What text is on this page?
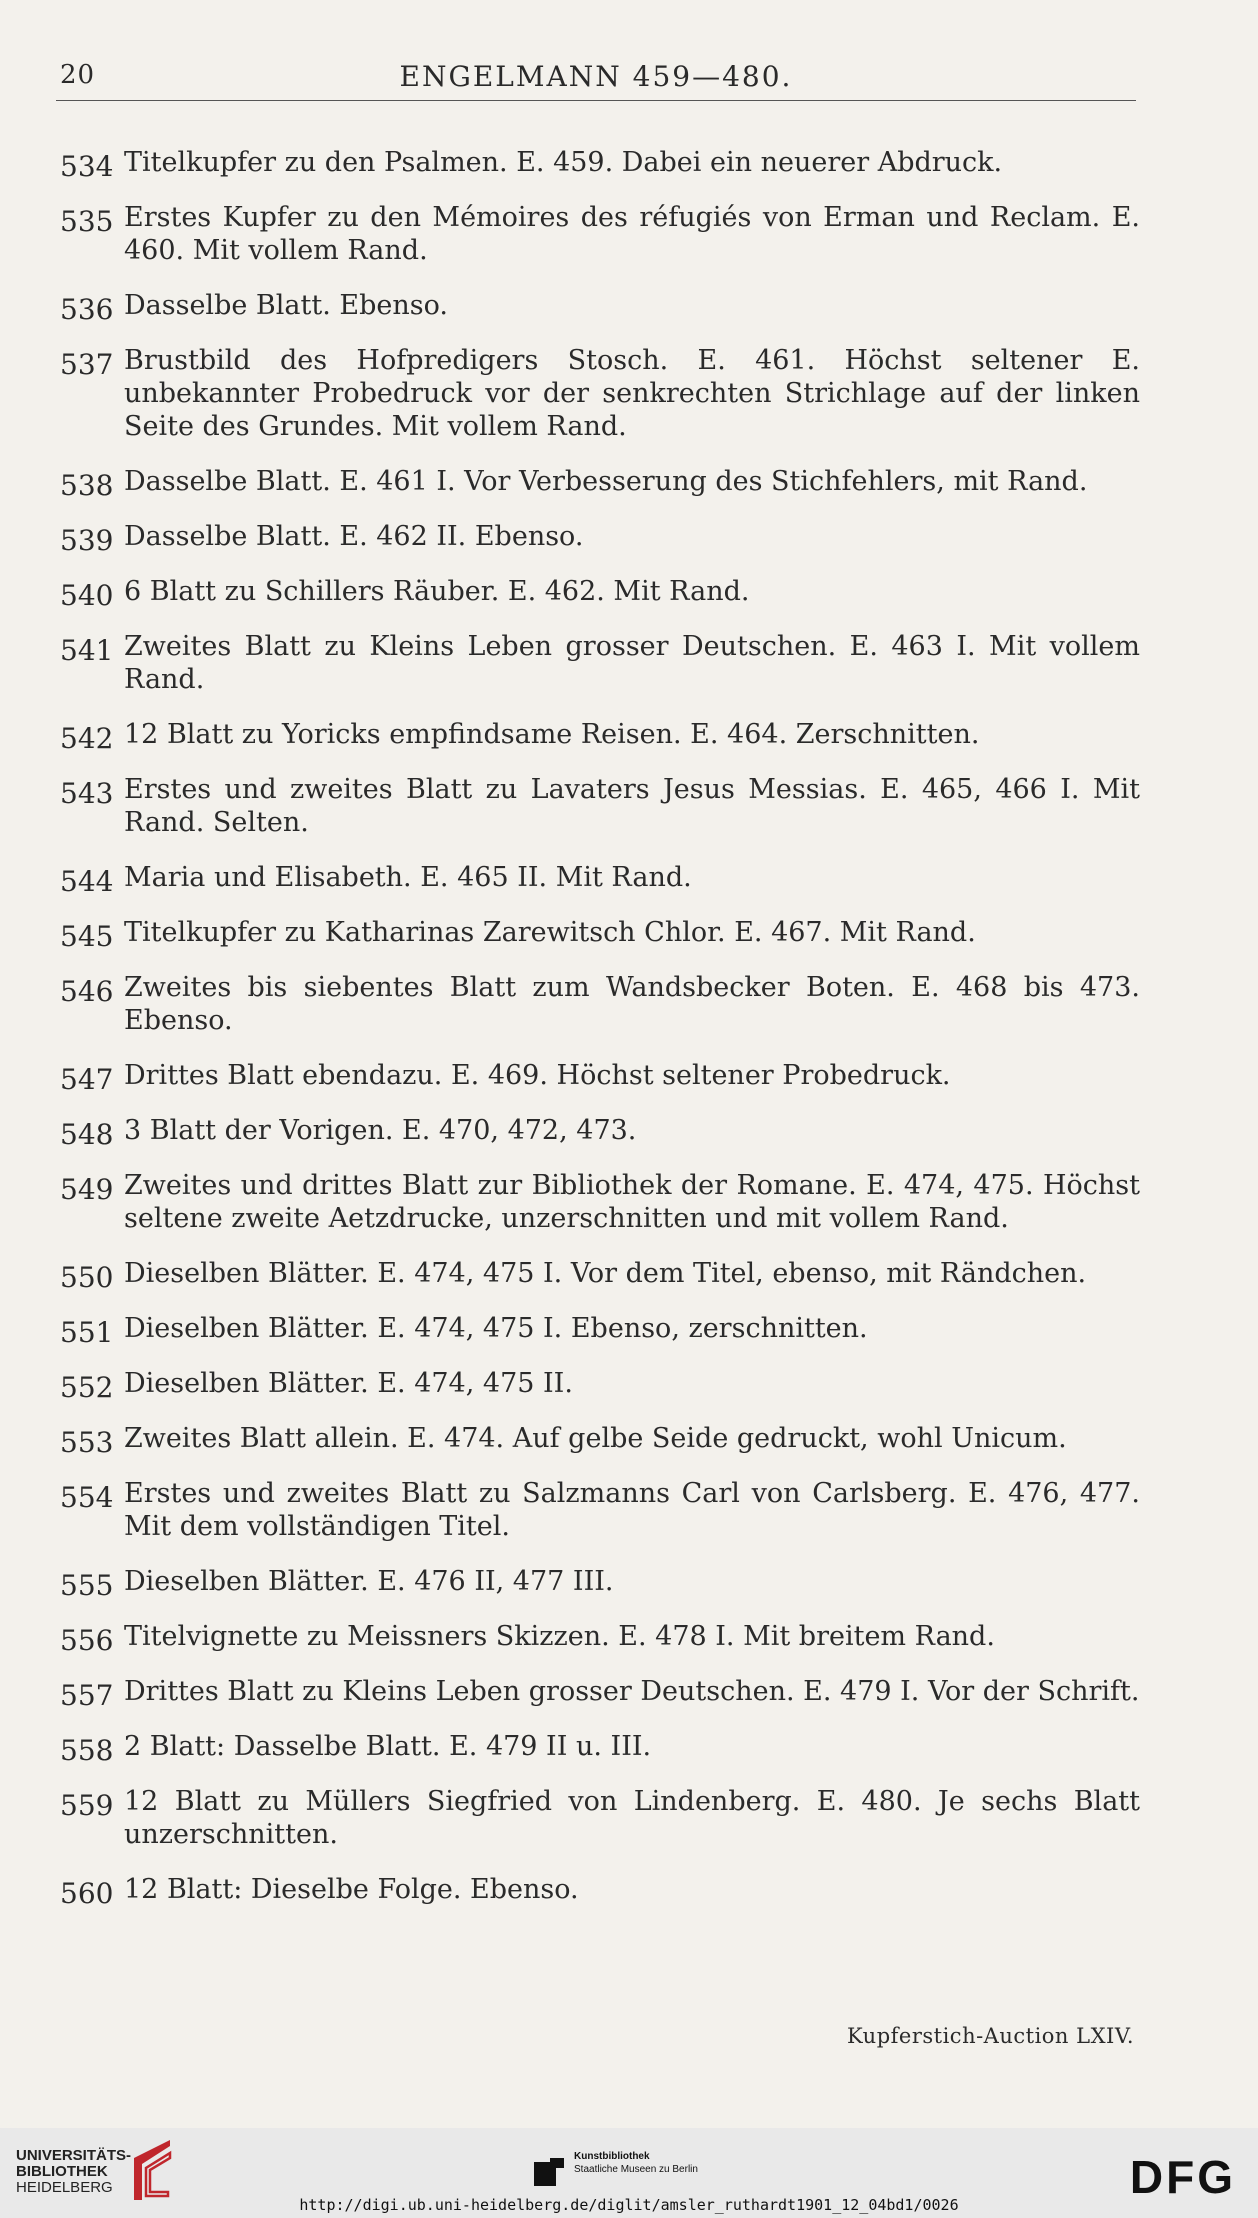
20	ENGELMANN 459—480.
534 Titelkupfer zu den Psalmen. E. 459. Dabei ein neuerer Abdruck.
535 Erstes Kupfer zu den Mémoires des réfugiés von Erman und Reclam. E. 460. Mit vollem Rand.
536 Dasselbe Blatt. Ebenso.
537 Brustbild des Hofpredigers Stosch. E. 461. Höchst seltener E. unbekannter Probedruck vor der senkrechten Strichlage auf der linken Seite des Grundes. Mit vollem Rand.
538 Dasselbe Blatt. E. 461 I. Vor Verbesserung des Stichfehlers, mit Rand.
539 Dasselbe Blatt. E. 462 II. Ebenso.
540 6 Blatt zu Schillers Räuber. E. 462. Mit Rand.
541 Zweites Blatt zu Kleins Leben grosser Deutschen. E. 463 I. Mit vollem Rand.
542 12 Blatt zu Yoricks empfindsame Reisen. E. 464. Zerschnitten.
543 Erstes und zweites Blatt zu Lavaters Jesus Messias. E. 465, 466 I. Mit Rand. Selten.
544 Maria und Elisabeth. E. 465 II. Mit Rand.
545 Titelkupfer zu Katharinas Zarewitsch Chlor. E. 467. Mit Rand.
546 Zweites bis siebentes Blatt zum Wandsbecker Boten. E. 468 bis 473. Ebenso.
547 Drittes Blatt ebendazu. E. 469. Höchst seltener Probedruck.
548 3 Blatt der Vorigen. E. 470, 472, 473.
549 Zweites und drittes Blatt zur Bibliothek der Romane. E. 474, 475. Höchst seltene zweite Aetzdrucke, unzerschnitten und mit vollem Rand.
550 Dieselben Blätter. E. 474, 475 I. Vor dem Titel, ebenso, mit Rändchen.
551 Dieselben Blätter. E. 474, 475 I. Ebenso, zerschnitten.
552 Dieselben Blätter. E. 474, 475 II.
553 Zweites Blatt allein. E. 474. Auf gelbe Seide gedruckt, wohl Unicum.
554 Erstes und zweites Blatt zu Salzmanns Carl von Carlsberg. E. 476, 477. Mit dem vollständigen Titel.
555 Dieselben Blätter. E. 476 II, 477 III.
556 Titelvignette zu Meissners Skizzen. E. 478 I. Mit breitem Rand.
557 Drittes Blatt zu Kleins Leben grosser Deutschen. E. 479 I. Vor der Schrift.
558 2 Blatt: Dasselbe Blatt. E. 479 II u. III.
559 12 Blatt zu Müllers Siegfried von Lindenberg. E. 480. Je sechs Blatt unzerschnitten.
560 12 Blatt: Dieselbe Folge. Ebenso.
Kupferstich-Auction LXIV.
UNIVERSITÄTS-
BIBLIOTHEK
HEIDELBERG
Kunstbibliothek
Staatliche Museen zu Berlin	DFG
http://digi.ub.uni-heidelberg.de/diglit/amsler_ruthardt1901_12_04bd1/0026
